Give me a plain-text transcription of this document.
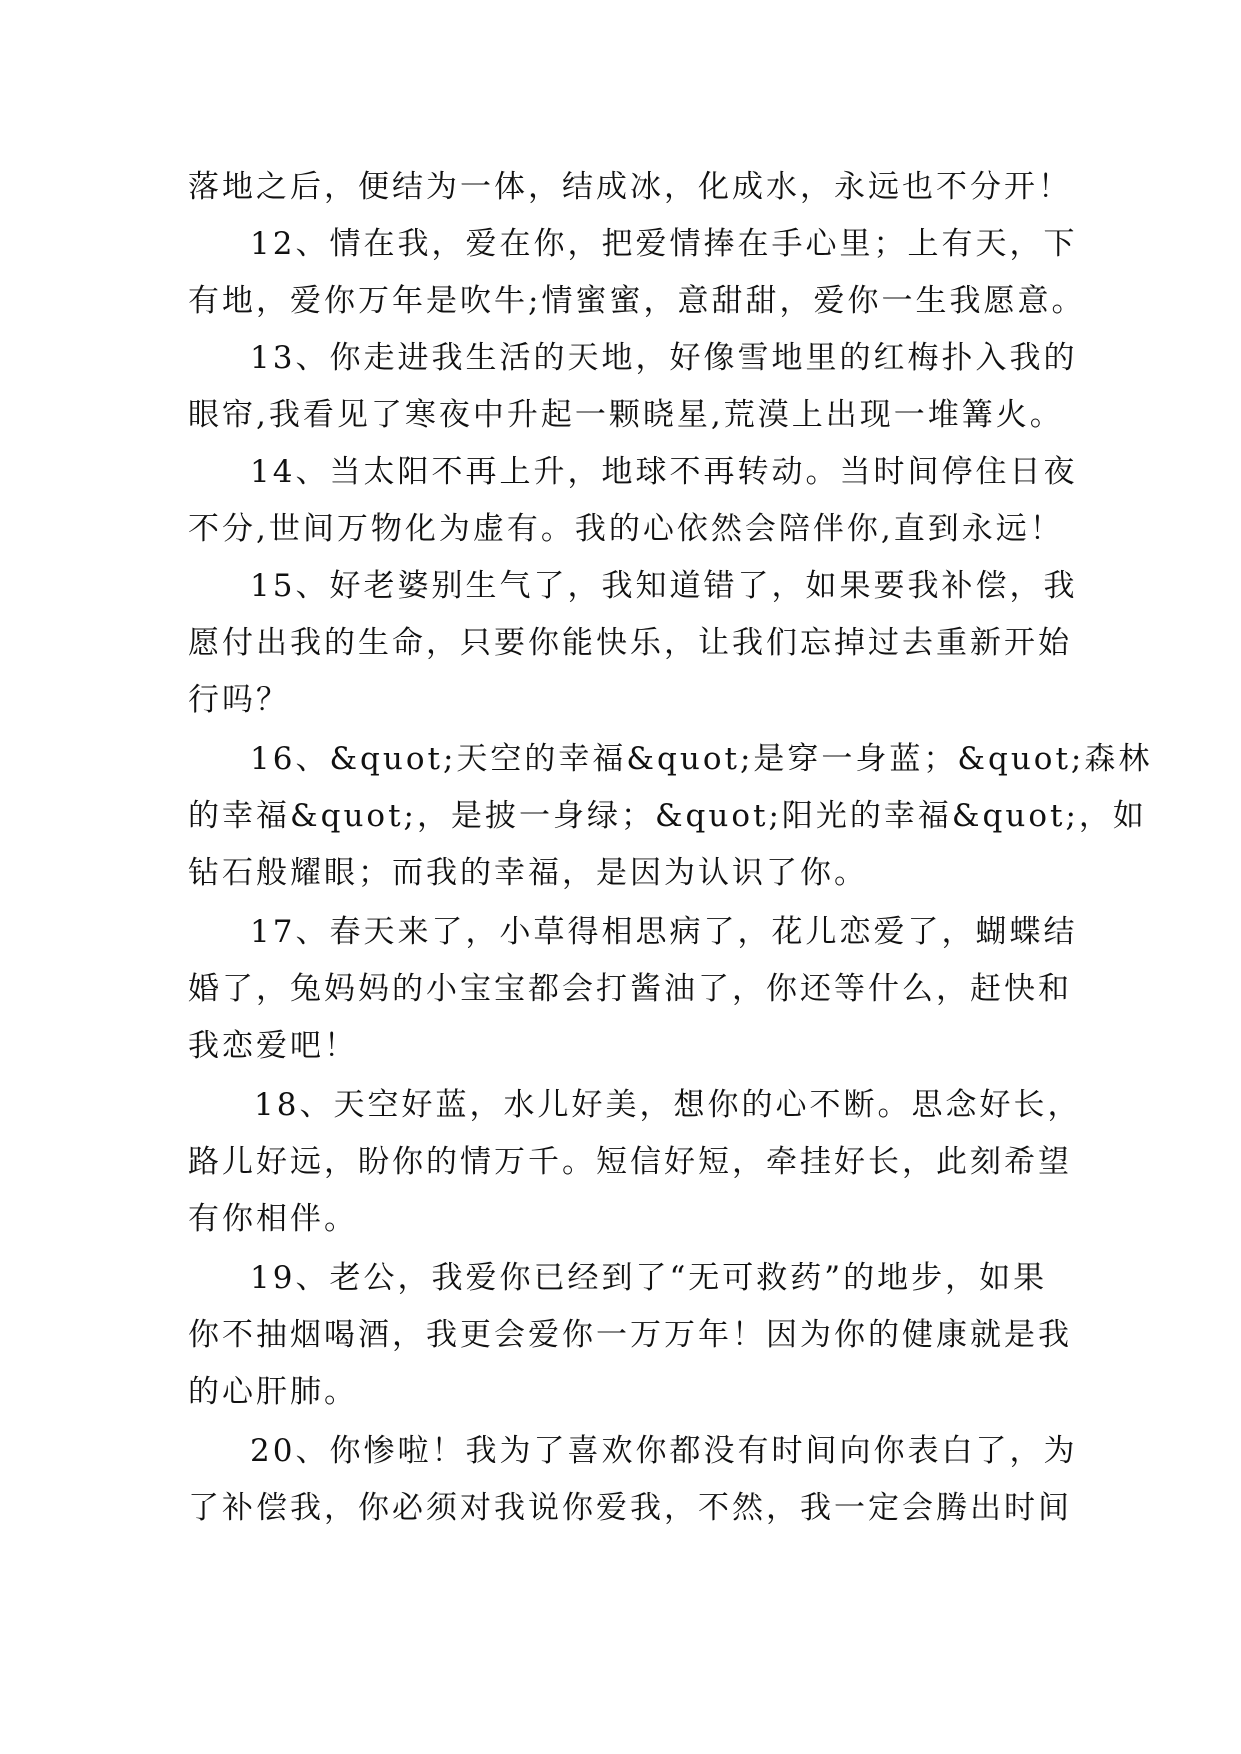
落地之后，便结为一体，结成冰，化成水，永远也不分开！
12、情在我，爱在你，把爱情捧在手心里；上有天，下
有地，爱你万年是吹牛;情蜜蜜，意甜甜，爱你一生我愿意。
13、你走进我生活的天地，好像雪地里的红梅扑入我的
眼帘,我看见了寒夜中升起一颗晓星,荒漠上出现一堆篝火。
14、当太阳不再上升，地球不再转动。当时间停住日夜
不分,世间万物化为虚有。我的心依然会陪伴你,直到永远！
15、好老婆别生气了，我知道错了，如果要我补偿，我
愿付出我的生命，只要你能快乐，让我们忘掉过去重新开始
行吗？
16、&quot;天空的幸福&quot;是穿一身蓝；&quot;森林
的幸福&quot;，是披一身绿；&quot;阳光的幸福&quot;，如
钻石般耀眼；而我的幸福，是因为认识了你。
17、春天来了，小草得相思病了，花儿恋爱了，蝴蝶结
婚了，兔妈妈的小宝宝都会打酱油了，你还等什么，赶快和
我恋爱吧！
18、天空好蓝，水儿好美，想你的心不断。思念好长，
路儿好远，盼你的情万千。短信好短，牵挂好长，此刻希望
有你相伴。
19、老公，我爱你已经到了“无可救药”的地步，如果
你不抽烟喝酒，我更会爱你一万万年！因为你的健康就是我
的心肝肺。
20、你惨啦！我为了喜欢你都没有时间向你表白了，为
了补偿我，你必须对我说你爱我，不然，我一定会腾出时间
